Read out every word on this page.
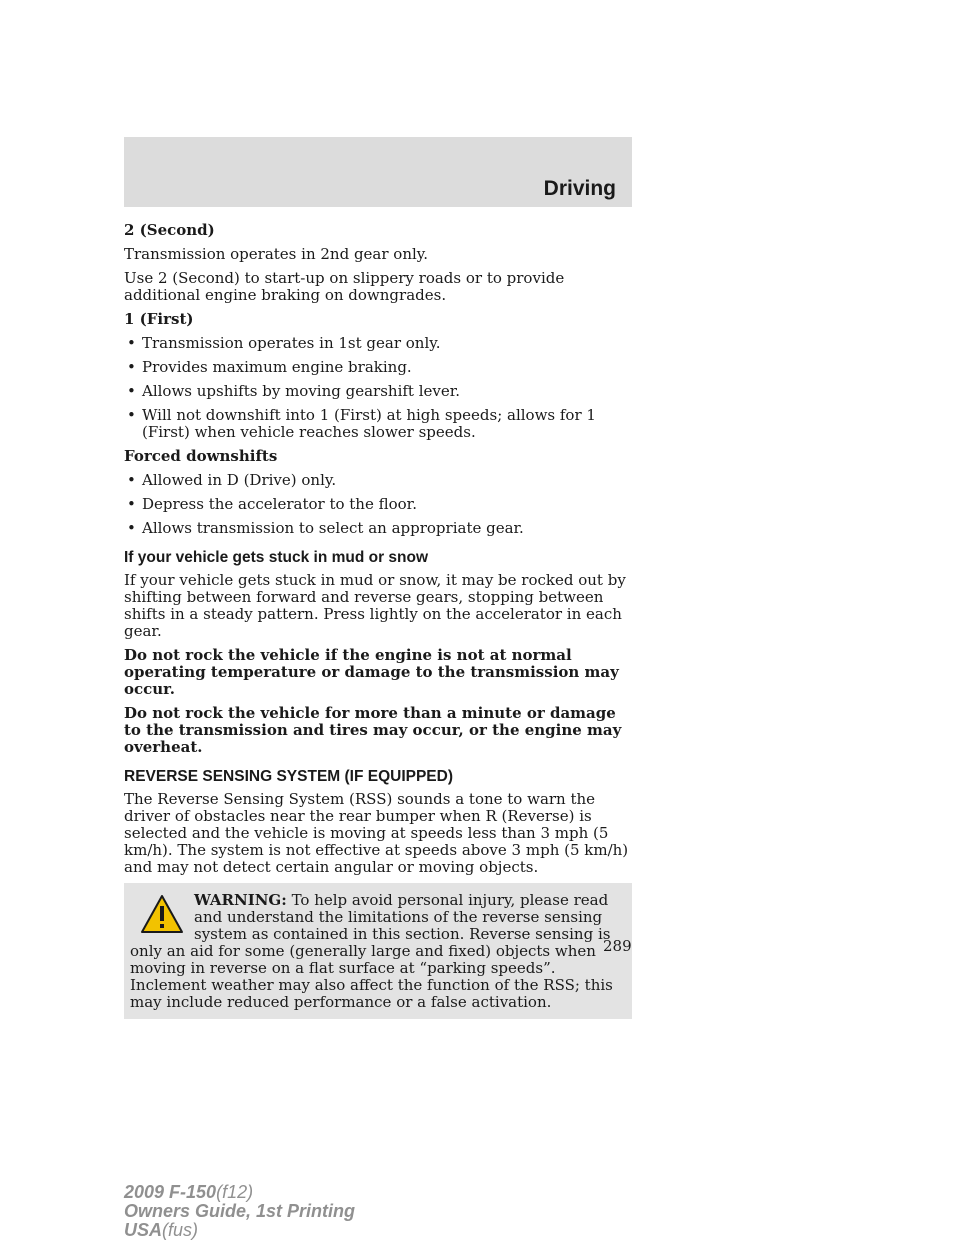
Driving

2 (Second)

Transmission operates in 2nd gear only.

Use 2 (Second) to start-up on slippery roads or to provide additional engine braking on downgrades.

1 (First)

• Transmission operates in 1st gear only.
• Provides maximum engine braking.
• Allows upshifts by moving gearshift lever.
• Will not downshift into 1 (First) at high speeds; allows for 1 (First) when vehicle reaches slower speeds.

Forced downshifts

• Allowed in D (Drive) only.
• Depress the accelerator to the floor.
• Allows transmission to select an appropriate gear.
If your vehicle gets stuck in mud or snow

If your vehicle gets stuck in mud or snow, it may be rocked out by shifting between forward and reverse gears, stopping between shifts in a steady pattern. Press lightly on the accelerator in each gear.

Do not rock the vehicle if the engine is not at normal operating temperature or damage to the transmission may occur.

Do not rock the vehicle for more than a minute or damage to the transmission and tires may occur, or the engine may overheat.

REVERSE SENSING SYSTEM (IF EQUIPPED)

The Reverse Sensing System (RSS) sounds a tone to warn the driver of obstacles near the rear bumper when R (Reverse) is selected and the vehicle is moving at speeds less than 3 mph (5 km/h). The system is not effective at speeds above 3 mph (5 km/h) and may not detect certain angular or moving objects.

WARNING: To help avoid personal injury, please read and understand the limitations of the reverse sensing system as contained in this section. Reverse sensing is only an aid for some (generally large and fixed) objects when moving in reverse on a flat surface at “parking speeds”. Inclement weather may also affect the function of the RSS; this may include reduced performance or a false activation.
289
2009 F-150(f12)
Owners Guide, 1st Printing
USA(fus)
